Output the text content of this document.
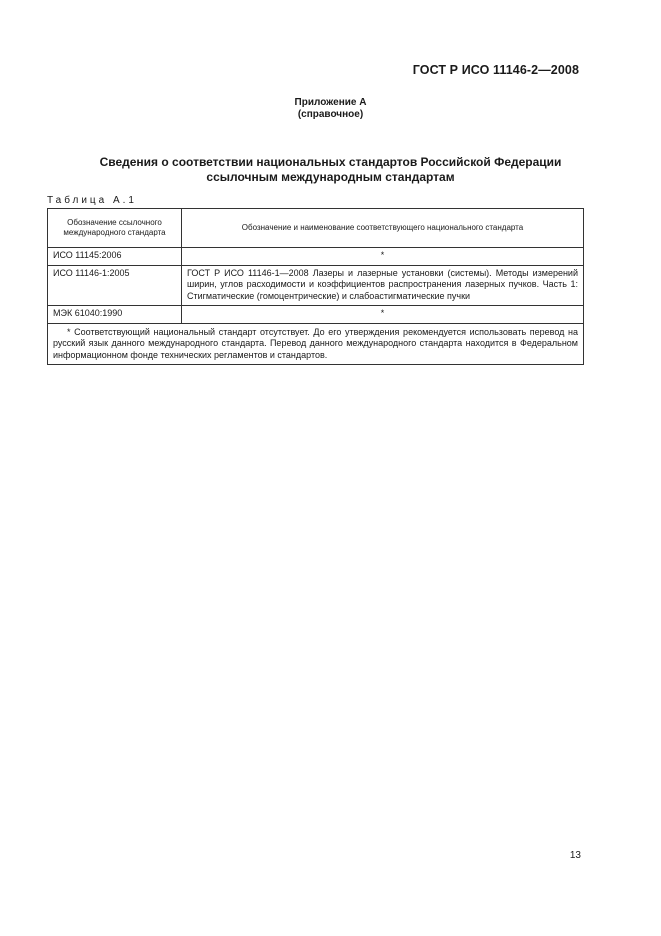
ГОСТ Р ИСО 11146-2—2008
Приложение А
(справочное)
Сведения о соответствии национальных стандартов Российской Федерации
ссылочным международным стандартам
Таблица А.1
Обозначение ссылочного международного стандарта	Обозначение и наименование соответствующего национального стандарта
ИСО 11145:2006	*
ИСО 11146-1:2005	ГОСТ Р ИСО 11146-1—2008 Лазеры и лазерные установки (системы). Методы измерений ширин, углов расходимости и коэффициентов распространения лазерных пучков. Часть 1: Стигматические (гомоцентрические) и слабоастигматические пучки
МЭК 61040:1990	*

* Соответствующий национальный стандарт отсутствует. До его утверждения рекомендуется использовать перевод на русский язык данного международного стандарта. Перевод данного международного стандарта находится в Федеральном информационном фонде технических регламентов и стандартов.	
13
